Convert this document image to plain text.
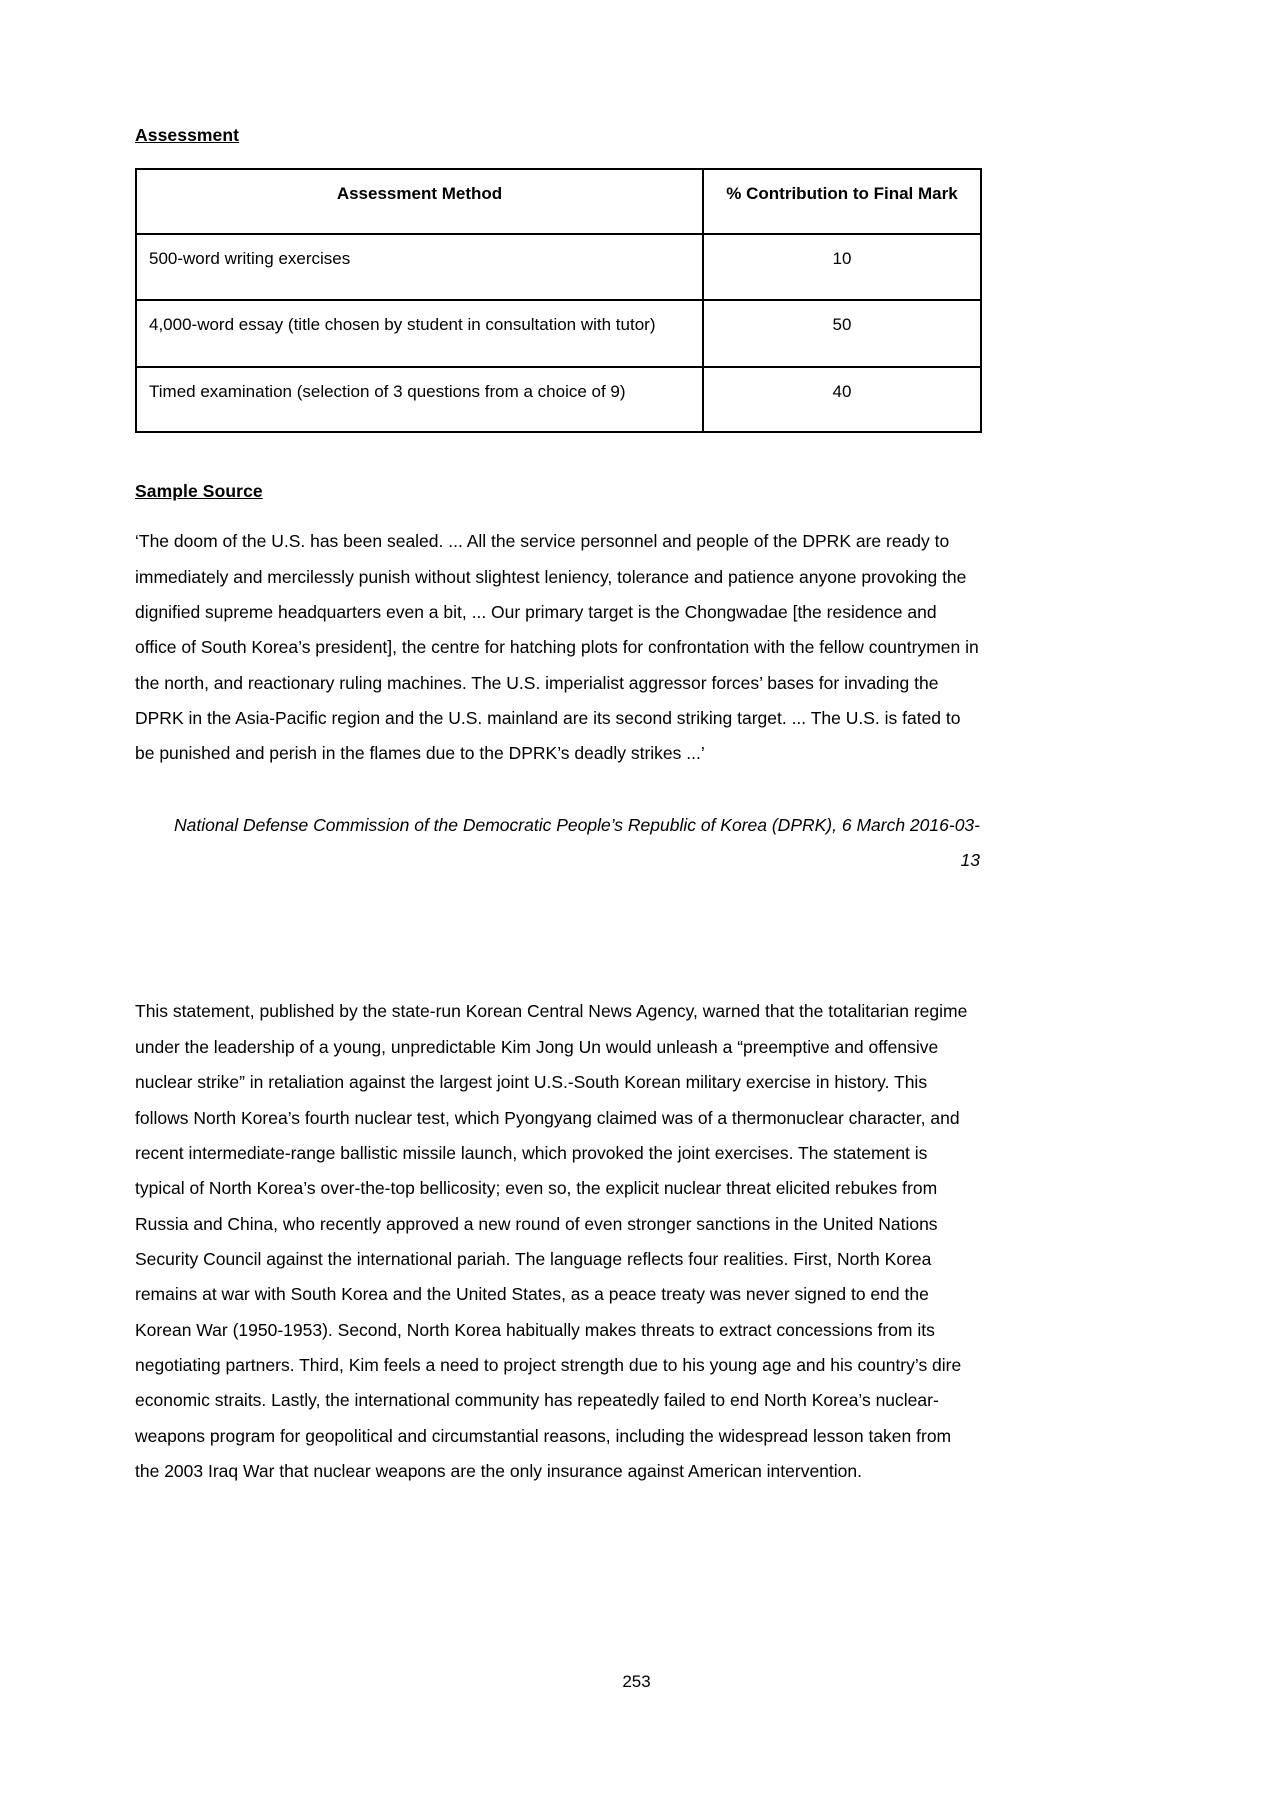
Assessment
Assessment Method	% Contribution to Final Mark
500-word writing exercises	10
4,000-word essay (title chosen by student in consultation with tutor)	50
Timed examination (selection of 3 questions from a choice of 9)	40
Sample Source

‘The doom of the U.S. has been sealed. ... All the service personnel and people of the DPRK are ready to immediately and mercilessly punish without slightest leniency, tolerance and patience anyone provoking the dignified supreme headquarters even a bit, ... Our primary target is the Chongwadae [the residence and office of South Korea’s president], the centre for hatching plots for confrontation with the fellow countrymen in the north, and reactionary ruling machines. The U.S. imperialist aggressor forces’ bases for invading the DPRK in the Asia-Pacific region and the U.S. mainland are its second striking target. ... The U.S. is fated to be punished and perish in the flames due to the DPRK’s deadly strikes ...’

National Defense Commission of the Democratic People’s Republic of Korea (DPRK), 6 March 2016-03-13

This statement, published by the state-run Korean Central News Agency, warned that the totalitarian regime under the leadership of a young, unpredictable Kim Jong Un would unleash a “preemptive and offensive nuclear strike” in retaliation against the largest joint U.S.-South Korean military exercise in history. This follows North Korea’s fourth nuclear test, which Pyongyang claimed was of a thermonuclear character, and recent intermediate-range ballistic missile launch, which provoked the joint exercises. The statement is typical of North Korea’s over-the-top bellicosity; even so, the explicit nuclear threat elicited rebukes from Russia and China, who recently approved a new round of even stronger sanctions in the United Nations Security Council against the international pariah. The language reflects four realities. First, North Korea remains at war with South Korea and the United States, as a peace treaty was never signed to end the Korean War (1950-1953). Second, North Korea habitually makes threats to extract concessions from its negotiating partners. Third, Kim feels a need to project strength due to his young age and his country’s dire economic straits. Lastly, the international community has repeatedly failed to end North Korea’s nuclear-weapons program for geopolitical and circumstantial reasons, including the widespread lesson taken from the 2003 Iraq War that nuclear weapons are the only insurance against American intervention.

253
